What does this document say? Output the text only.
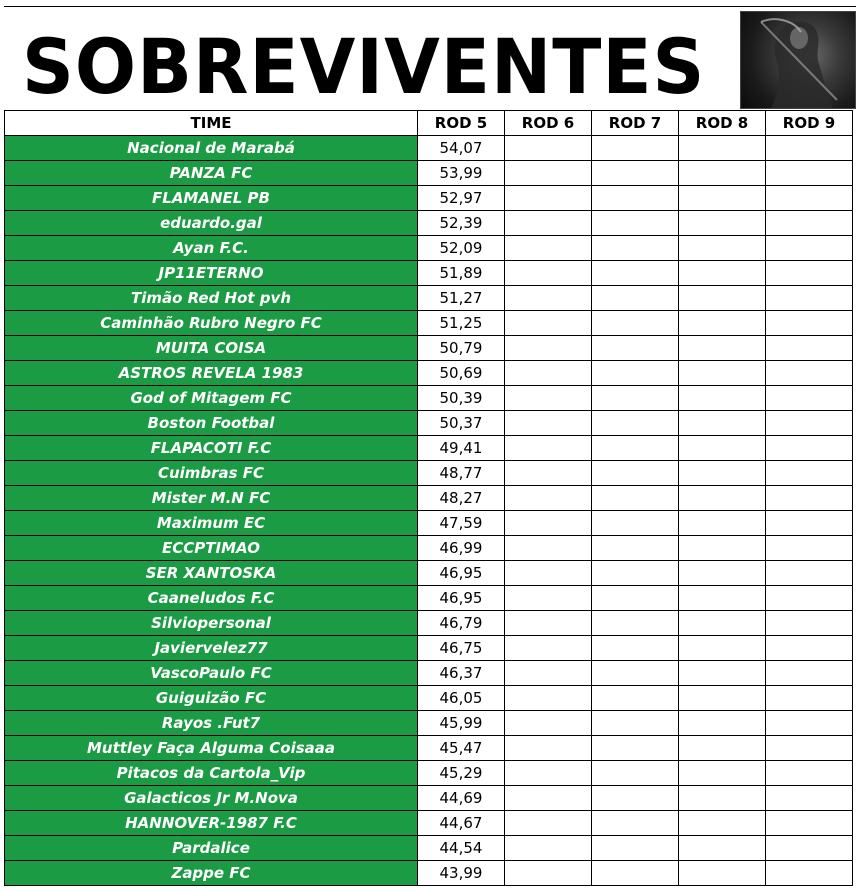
SOBREVIVENTES
TIME	ROD 5	ROD 6	ROD 7	ROD 8	ROD 9
Nacional de Marabá	54,07				
PANZA FC	53,99				
FLAMANEL PB	52,97				
eduardo.gal	52,39				
Ayan F.C.	52,09				
JP11ETERNO	51,89				
Timão Red Hot pvh	51,27				
Caminhão Rubro Negro FC	51,25				
MUITA COISA	50,79				
ASTROS REVELA 1983	50,69				
God of Mitagem FC	50,39				
Boston Footbal	50,37				
FLAPACOTI F.C	49,41				
Cuimbras FC	48,77				
Mister M.N FC	48,27				
Maximum EC	47,59				
ECCPTIMAO	46,99				
SER XANTOSKA	46,95				
Caaneludos F.C	46,95				
Silviopersonal	46,79				
Javiervelez77	46,75				
VascoPaulo FC	46,37				
Guiguizão FC	46,05				
Rayos .Fut7	45,99				
Muttley Faça Alguma Coisaaa	45,47				
Pitacos da Cartola_Vip	45,29				
Galacticos Jr M.Nova	44,69				
HANNOVER-1987 F.C	44,67				
Pardalice	44,54				
Zappe FC	43,99				
